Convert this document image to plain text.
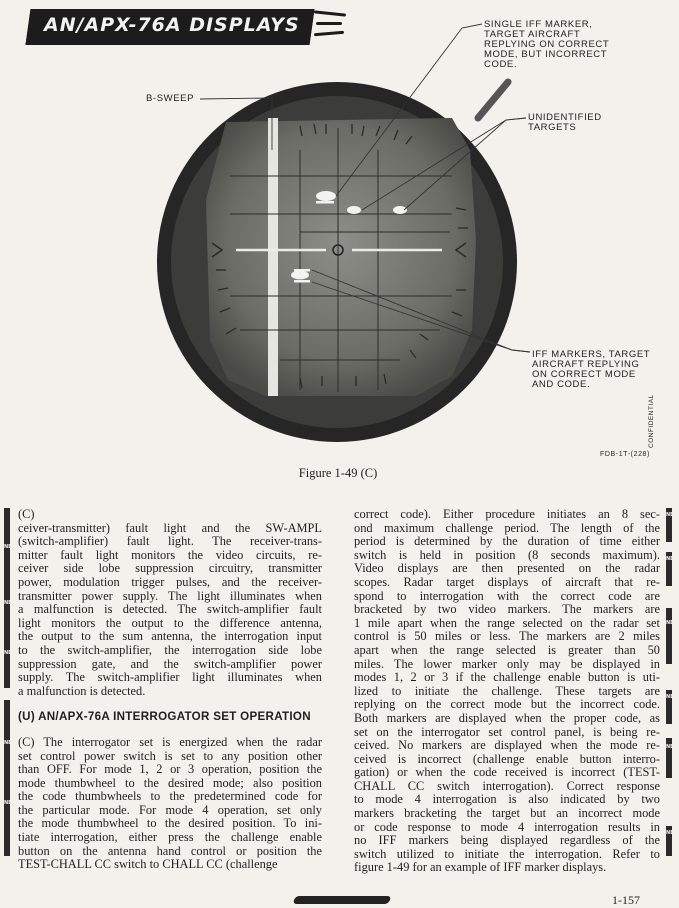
AN/APX-76A DISPLAYS	SINGLE IFF MARKER,
TARGET AIRCRAFT
REPLYING ON CORRECT
MODE, BUT INCORRECT
CODE.
B-SWEEP
UNIDENTIFIED
TARGETS
IFF MARKERS, TARGET
AIRCRAFT REPLYING
ON CORRECT MODE
AND CODE.
CONFIDENTIAL
FDB-1T-(228)
Figure 1-49 (C)
NEW
NEW
NEW
NEW
NEW
NEW
NEW
NEW
NEW
NEW
NEW
(C)
ceiver-transmitter) fault light and the SW-AMPL
(switch-amplifier) fault light. The receiver-trans-
mitter fault light monitors the video circuits, re-
ceiver side lobe suppression circuitry, transmitter
power, modulation trigger pulses, and the receiver-
transmitter power supply. The light illuminates when
a malfunction is detected. The switch-amplifier fault
light monitors the output to the difference antenna,
the output to the sum antenna, the interrogation input
to the switch-amplifier, the interrogation side lobe
suppression gate, and the switch-amplifier power
supply. The switch-amplifier light illuminates when
a malfunction is detected.
(U) AN/APX-76A INTERROGATOR SET OPERATION
(C) The interrogator set is energized when the radar
set control power switch is set to any position other
than OFF. For mode 1, 2 or 3 operation, position the
mode thumbwheel to the desired mode; also position
the code thumbwheels to the predetermined code for
the particular mode. For mode 4 operation, set only
the mode thumbwheel to the desired position. To ini-
tiate interrogation, either press the challenge enable
button on the antenna hand control or position the
TEST-CHALL CC switch to CHALL CC (challenge
correct code). Either procedure initiates an 8 sec-
ond maximum challenge period. The length of the
period is determined by the duration of time either
switch is held in position (8 seconds maximum).
Video displays are then presented on the radar
scopes. Radar target displays of aircraft that re-
spond to interrogation with the correct code are
bracketed by two video markers. The markers are
1 mile apart when the range selected on the radar set
control is 50 miles or less. The markers are 2 miles
apart when the range selected is greater than 50
miles. The lower marker only may be displayed in
modes 1, 2 or 3 if the challenge enable button is uti-
lized to initiate the challenge. These targets are
replying on the correct mode but the incorrect code.
Both markers are displayed when the proper code, as
set on the interrogator set control panel, is being re-
ceived. No markers are displayed when the mode re-
ceived is incorrect (challenge enable button interro-
gation) or when the code received is incorrect (TEST-
CHALL CC switch interrogation). Correct response
to mode 4 interrogation is also indicated by two
markers bracketing the target but an incorrect mode
or code response to mode 4 interrogation results in
no IFF markers being displayed regardless of the
switch utilized to initiate the interrogation. Refer to
figure 1-49 for an example of IFF marker displays.
1-157
